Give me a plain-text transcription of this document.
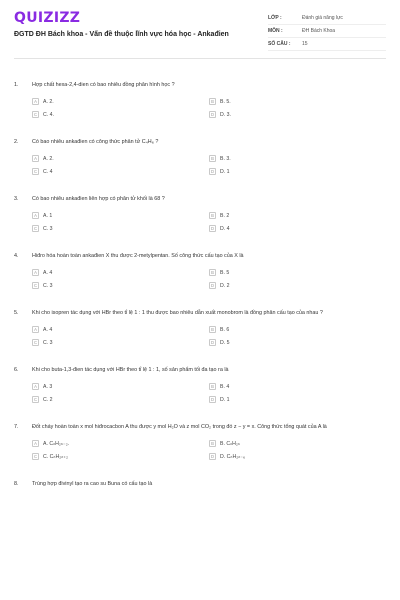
QUIZIZZ
ĐGTD ĐH Bách khoa - Vấn đề thuộc lĩnh vực hóa học - Ankađien
LỚP :	Đánh giá năng lực
MÔN :	ĐH Bách Khoa
SỐ CÂU :	15
1.	Hợp chất hexa-2,4-dien có bao nhiêu đồng phân hình học ?
A	A. 2.	B	B. 5.
C	C. 4.	D	D. 3.
2.	Có bao nhiêu ankađien có công thức phân tử C₄H₆ ?
A	A. 2.	B	B. 3.
C	C. 4	D	D. 1
3.	Có bao nhiêu ankađien liên hợp có phân tử khối là 68 ?
A	A. 1	B	B. 2
C	C. 3	D	D. 4
4.	Hiđro hóa hoàn toàn ankađien X thu được 2-metylpentan. Số công thức cấu tạo của X là
A	A. 4	B	B. 5
C	C. 3	D	D. 2
5.	Khi cho isopren tác dụng với HBr theo tỉ lệ 1 : 1 thu được bao nhiêu dẫn xuất monobrom là đồng phân cấu tạo của nhau ?
A	A. 4	B	B. 6
C	C. 3	D	D. 5
6.	Khi cho buta-1,3-đien tác dụng với HBr theo tỉ lệ 1 : 1, số sản phẩm tối đa tạo ra là
A	A. 3	B	B. 4
C	C. 2	D	D. 1
7.	Đốt cháy hoàn toàn x mol hiđrocacbon A thu được y mol H₂O và z mol CO₂ trong đó z − y = x. Công thức tổng quát của A là
A	A. CₙH₂ₙ₋₂.	B	B. CₙH₂ₙ
C	C. CₙH₂ₙ₊₂	D	D. CₙH₂ₙ₋₆
8.	Trùng hợp đivinyl tạo ra cao su Buna có cấu tạo là
